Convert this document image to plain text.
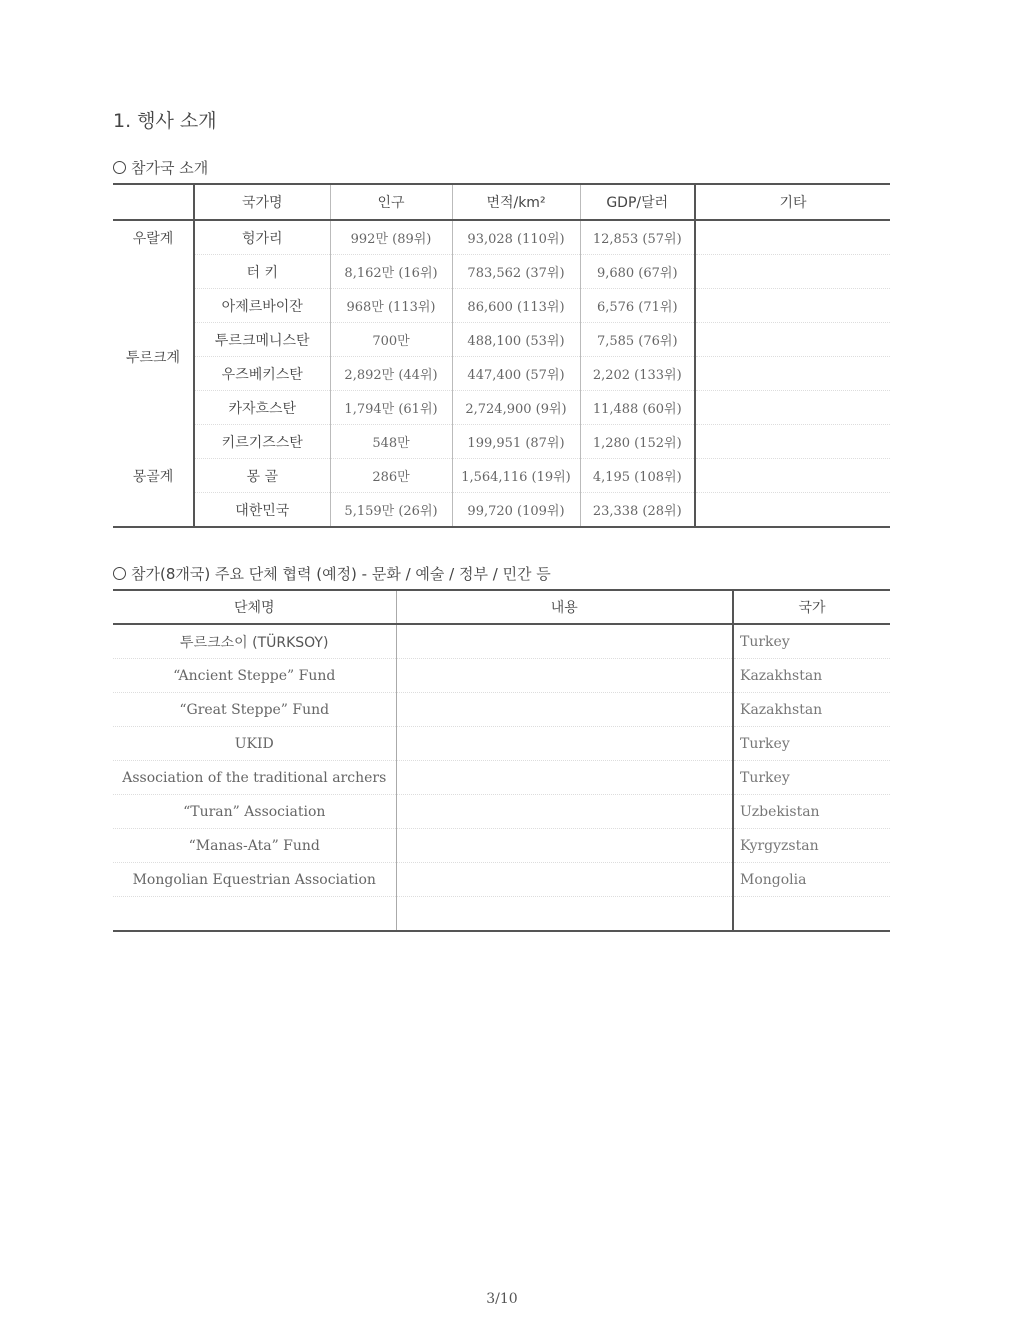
1. 행사 소개
참가국 소개
	국가명	인구	면적/km²	GDP/달러	기타
우랄계	헝가리	992만 (89위)	93,028 (110위)	12,853 (57위)	
투르크계	터 키	8,162만 (16위)	783,562 (37위)	9,680 (67위)	
	아제르바이잔	968만 (113위)	86,600 (113위)	6,576 (71위)	
	투르크메니스탄	700만	488,100 (53위)	7,585 (76위)	
	우즈베키스탄	2,892만 (44위)	447,400 (57위)	2,202 (133위)	
	카자흐스탄	1,794만 (61위)	2,724,900 (9위)	11,488 (60위)	
	키르기즈스탄	548만	199,951 (87위)	1,280 (152위)	
몽골계	몽 골	286만	1,564,116 (19위)	4,195 (108위)	
	대한민국	5,159만 (26위)	99,720 (109위)	23,338 (28위)	
참가(8개국) 주요 단체 협력 (예정) - 문화 / 예술 / 정부 / 민간 등
단체명	내용	국가
투르크소이 (TÜRKSOY)		Turkey
“Ancient Steppe” Fund		Kazakhstan
“Great Steppe” Fund		Kazakhstan
UKID		Turkey
Association of the traditional archers		Turkey
“Turan” Association		Uzbekistan
“Manas-Ata” Fund		Kyrgyzstan
Mongolian Equestrian Association		Mongolia

3/10
